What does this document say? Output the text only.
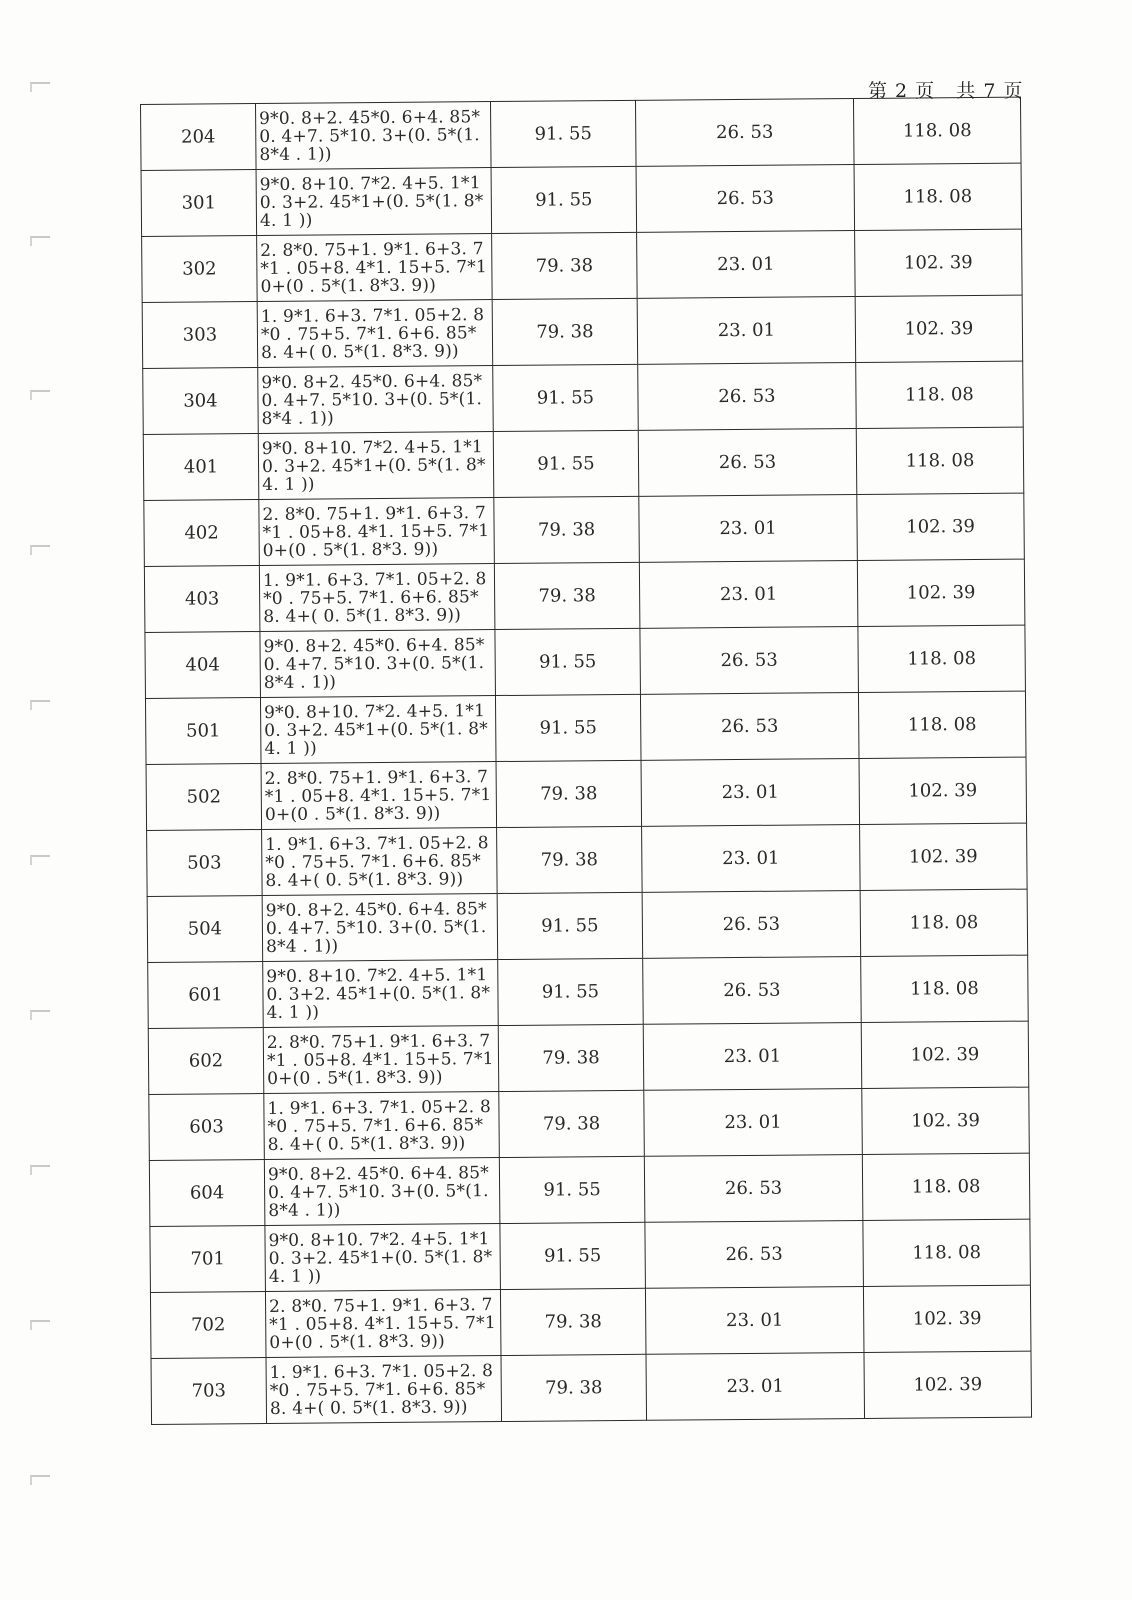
第 2 页   共 7 页
204	9*0. 8+2. 45*0. 6+4. 85*0. 4+7. 5*10. 3+(0. 5*(1. 8*4 . 1))	91. 55	26. 53	118. 08
301	9*0. 8+10. 7*2. 4+5. 1*10. 3+2. 45*1+(0. 5*(1. 8*4. 1 ))	91. 55	26. 53	118. 08
302	2. 8*0. 75+1. 9*1. 6+3. 7*1 . 05+8. 4*1. 15+5. 7*10+(0 . 5*(1. 8*3. 9))	79. 38	23. 01	102. 39
303	1. 9*1. 6+3. 7*1. 05+2. 8*0 . 75+5. 7*1. 6+6. 85*8. 4+( 0. 5*(1. 8*3. 9))	79. 38	23. 01	102. 39
304	9*0. 8+2. 45*0. 6+4. 85*0. 4+7. 5*10. 3+(0. 5*(1. 8*4 . 1))	91. 55	26. 53	118. 08
401	9*0. 8+10. 7*2. 4+5. 1*10. 3+2. 45*1+(0. 5*(1. 8*4. 1 ))	91. 55	26. 53	118. 08
402	2. 8*0. 75+1. 9*1. 6+3. 7*1 . 05+8. 4*1. 15+5. 7*10+(0 . 5*(1. 8*3. 9))	79. 38	23. 01	102. 39
403	1. 9*1. 6+3. 7*1. 05+2. 8*0 . 75+5. 7*1. 6+6. 85*8. 4+( 0. 5*(1. 8*3. 9))	79. 38	23. 01	102. 39
404	9*0. 8+2. 45*0. 6+4. 85*0. 4+7. 5*10. 3+(0. 5*(1. 8*4 . 1))	91. 55	26. 53	118. 08
501	9*0. 8+10. 7*2. 4+5. 1*10. 3+2. 45*1+(0. 5*(1. 8*4. 1 ))	91. 55	26. 53	118. 08
502	2. 8*0. 75+1. 9*1. 6+3. 7*1 . 05+8. 4*1. 15+5. 7*10+(0 . 5*(1. 8*3. 9))	79. 38	23. 01	102. 39
503	1. 9*1. 6+3. 7*1. 05+2. 8*0 . 75+5. 7*1. 6+6. 85*8. 4+( 0. 5*(1. 8*3. 9))	79. 38	23. 01	102. 39
504	9*0. 8+2. 45*0. 6+4. 85*0. 4+7. 5*10. 3+(0. 5*(1. 8*4 . 1))	91. 55	26. 53	118. 08
601	9*0. 8+10. 7*2. 4+5. 1*10. 3+2. 45*1+(0. 5*(1. 8*4. 1 ))	91. 55	26. 53	118. 08
602	2. 8*0. 75+1. 9*1. 6+3. 7*1 . 05+8. 4*1. 15+5. 7*10+(0 . 5*(1. 8*3. 9))	79. 38	23. 01	102. 39
603	1. 9*1. 6+3. 7*1. 05+2. 8*0 . 75+5. 7*1. 6+6. 85*8. 4+( 0. 5*(1. 8*3. 9))	79. 38	23. 01	102. 39
604	9*0. 8+2. 45*0. 6+4. 85*0. 4+7. 5*10. 3+(0. 5*(1. 8*4 . 1))	91. 55	26. 53	118. 08
701	9*0. 8+10. 7*2. 4+5. 1*10. 3+2. 45*1+(0. 5*(1. 8*4. 1 ))	91. 55	26. 53	118. 08
702	2. 8*0. 75+1. 9*1. 6+3. 7*1 . 05+8. 4*1. 15+5. 7*10+(0 . 5*(1. 8*3. 9))	79. 38	23. 01	102. 39
703	1. 9*1. 6+3. 7*1. 05+2. 8*0 . 75+5. 7*1. 6+6. 85*8. 4+( 0. 5*(1. 8*3. 9))	79. 38	23. 01	102. 39
